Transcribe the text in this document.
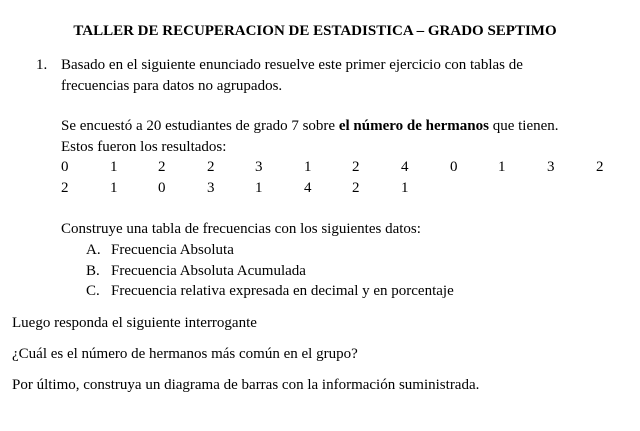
TALLER DE RECUPERACION DE ESTADISTICA – GRADO SEPTIMO
1. Basado en el siguiente enunciado resuelve este primer ejercicio con tablas de
frecuencias para datos no agrupados.
Se encuestó a 20 estudiantes de grado 7 sobre el número de hermanos que tienen.
Estos fueron los resultados:
0	1	2	2	3	1	2	4	0	1	3	2
2	1	0	3	1	4	2	1
Construye una tabla de frecuencias con los siguientes datos:
A. Frecuencia Absoluta
B. Frecuencia Absoluta Acumulada
C. Frecuencia relativa expresada en decimal y en porcentaje
Luego responda el siguiente interrogante
¿Cuál es el número de hermanos más común en el grupo?
Por último, construya un diagrama de barras con la información suministrada.
